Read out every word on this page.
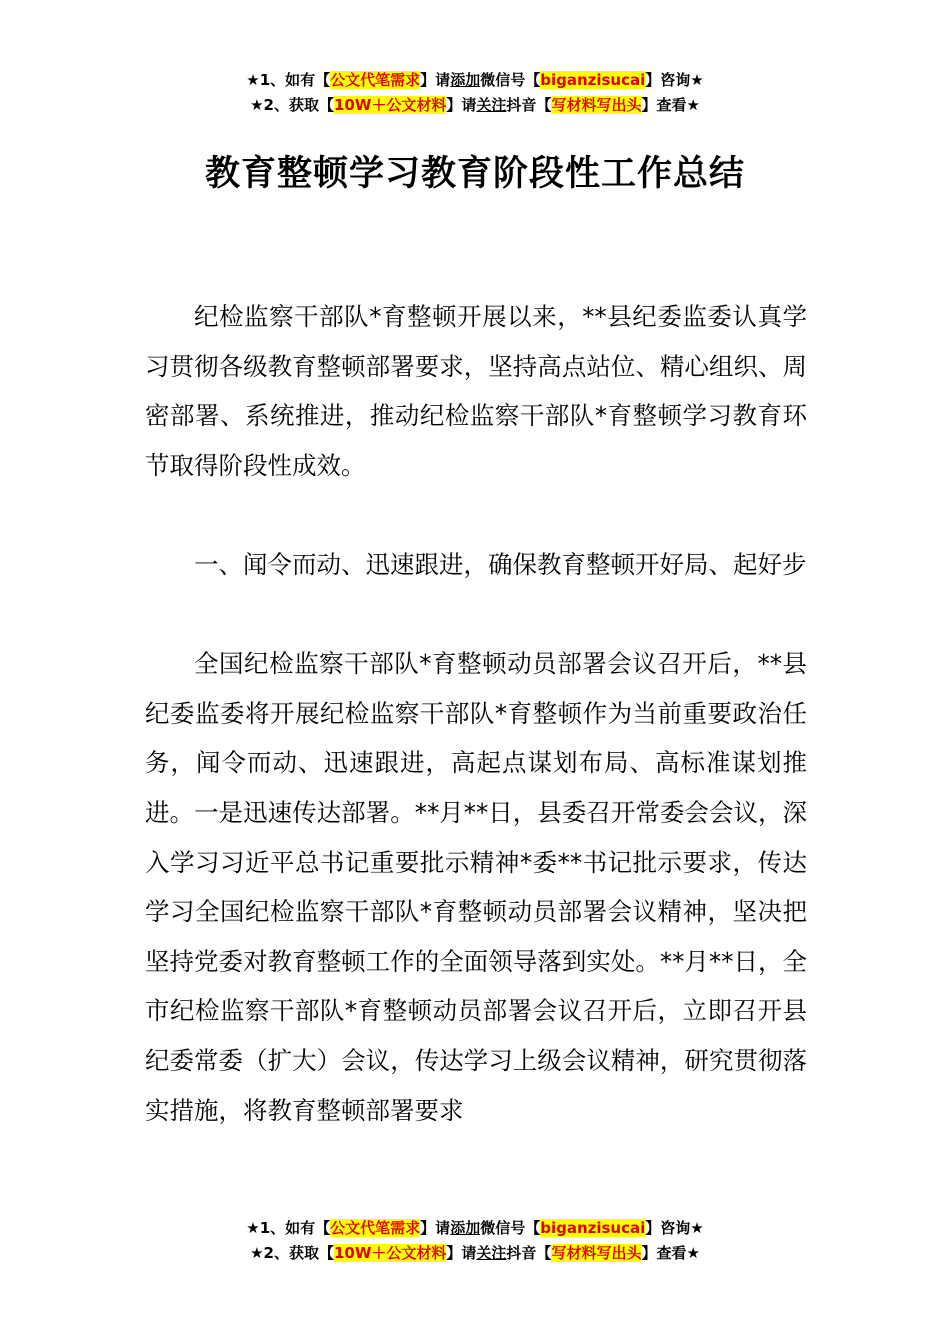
★1、如有【公文代笔需求】请添加微信号【biganzisucai】咨询★
★2、获取【10W＋公文材料】请关注抖音【写材料写出头】查看★
教育整顿学习教育阶段性工作总结

纪检监察干部队*育整顿开展以来，**县纪委监委认真学习贯彻各级教育整顿部署要求，坚持高点站位、精心组织、周密部署、系统推进，推动纪检监察干部队*育整顿学习教育环节取得阶段性成效。

一、闻令而动、迅速跟进，确保教育整顿开好局、起好步

全国纪检监察干部队*育整顿动员部署会议召开后，**县纪委监委将开展纪检监察干部队*育整顿作为当前重要政治任务，闻令而动、迅速跟进，高起点谋划布局、高标准谋划推进。一是迅速传达部署。**月**日，县委召开常委会会议，深入学习习近平总书记重要批示精神*委**书记批示要求，传达学习全国纪检监察干部队*育整顿动员部署会议精神，坚决把坚持党委对教育整顿工作的全面领导落到实处。**月**日，全市纪检监察干部队*育整顿动员部署会议召开后，立即召开县纪委常委（扩大）会议，传达学习上级会议精神，研究贯彻落实措施，将教育整顿部署要求

★1、如有【公文代笔需求】请添加微信号【biganzisucai】咨询★
★2、获取【10W＋公文材料】请关注抖音【写材料写出头】查看★
